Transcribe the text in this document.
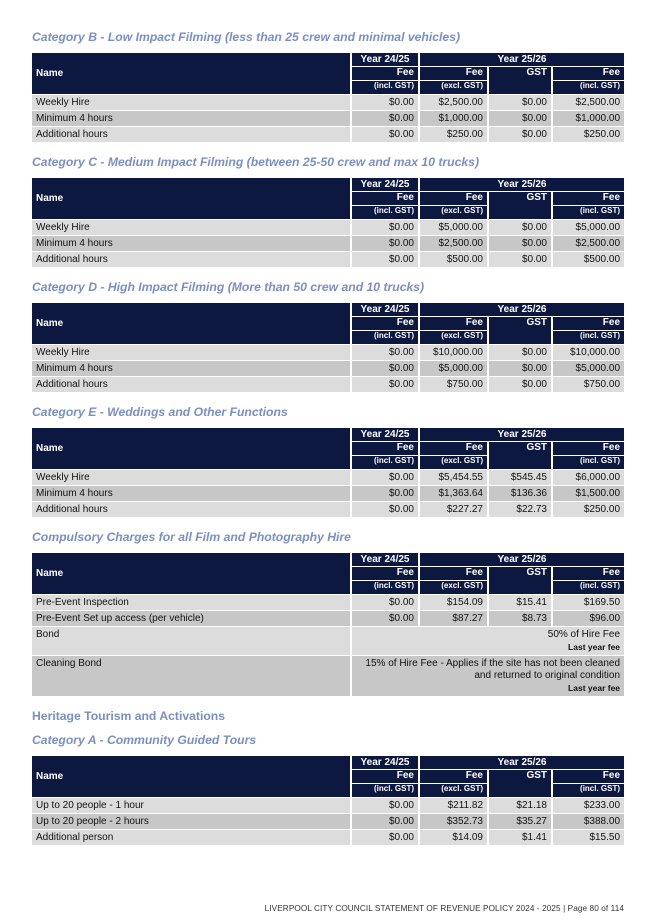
Category B - Low Impact Filming (less than 25 crew and minimal vehicles)
Name	Year 24/25	Year 25/26		
	Fee	Fee	GST	Fee
	(incl. GST)	(excl. GST)		(incl. GST)
Weekly Hire	$0.00	$2,500.00	$0.00	$2,500.00
Minimum 4 hours	$0.00	$1,000.00	$0.00	$1,000.00
Additional hours	$0.00	$250.00	$0.00	$250.00
Category C - Medium Impact Filming (between 25-50 crew and max 10 trucks)
Name	Year 24/25	Year 25/26		
	Fee	Fee	GST	Fee
	(incl. GST)	(excl. GST)		(incl. GST)
Weekly Hire	$0.00	$5,000.00	$0.00	$5,000.00
Minimum 4 hours	$0.00	$2,500.00	$0.00	$2,500.00
Additional hours	$0.00	$500.00	$0.00	$500.00
Category D - High Impact Filming (More than 50 crew and 10 trucks)
Name	Year 24/25	Year 25/26		
	Fee	Fee	GST	Fee
	(incl. GST)	(excl. GST)		(incl. GST)
Weekly Hire	$0.00	$10,000.00	$0.00	$10,000.00
Minimum 4 hours	$0.00	$5,000.00	$0.00	$5,000.00
Additional hours	$0.00	$750.00	$0.00	$750.00
Category E - Weddings and Other Functions
Name	Year 24/25	Year 25/26		
	Fee	Fee	GST	Fee
	(incl. GST)	(excl. GST)		(incl. GST)
Weekly Hire	$0.00	$5,454.55	$545.45	$6,000.00
Minimum 4 hours	$0.00	$1,363.64	$136.36	$1,500.00
Additional hours	$0.00	$227.27	$22.73	$250.00
Compulsory Charges for all Film and Photography Hire
Name	Year 24/25	Year 25/26		
	Fee	Fee	GST	Fee
	(incl. GST)	(excl. GST)		(incl. GST)
Pre-Event Inspection	$0.00	$154.09	$15.41	$169.50
Pre-Event Set up access (per vehicle)	$0.00	$87.27	$8.73	$96.00
Bond	50% of Hire Fee
Last year fee			

Cleaning Bond	15% of Hire Fee - Applies if the site has not been cleaned
and returned to original condition
Last year fee			
Heritage Tourism and Activations
Category A - Community Guided Tours
Name	Year 24/25	Year 25/26		
	Fee	Fee	GST	Fee
	(incl. GST)	(excl. GST)		(incl. GST)
Up to 20 people - 1 hour	$0.00	$211.82	$21.18	$233.00
Up to 20 people - 2 hours	$0.00	$352.73	$35.27	$388.00
Additional person	$0.00	$14.09	$1.41	$15.50
LIVERPOOL CITY COUNCIL STATEMENT OF REVENUE POLICY 2024 - 2025 | Page 80 of 114
